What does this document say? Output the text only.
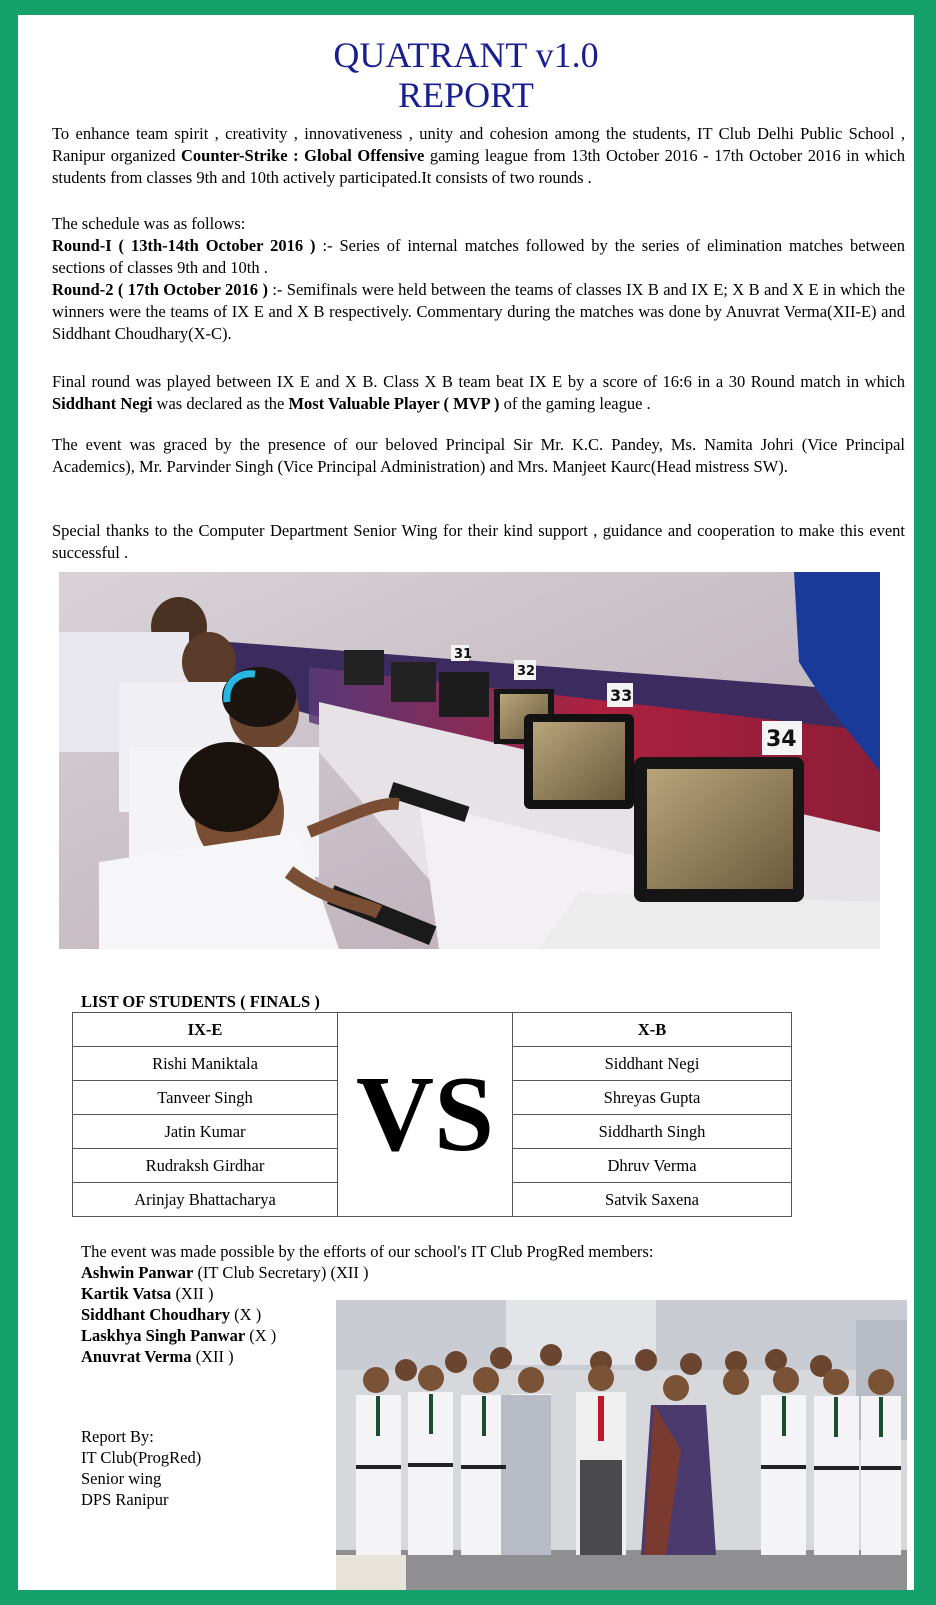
QUATRANT v1.0
REPORT
To enhance team spirit , creativity , innovativeness , unity and cohesion among the students, IT Club Delhi Public School , Ranipur organized Counter-Strike : Global Offensive gaming league from 13th October 2016 - 17th October 2016 in which students from classes 9th and 10th actively participated.It consists of two rounds .
The schedule was as follows:
Round-I ( 13th-14th October 2016 ) :- Series of internal matches followed by the series of elimination matches between sections of classes 9th and 10th .
Round-2 ( 17th October 2016 ) :- Semifinals were held between the teams of classes IX B and IX E; X B and X E in which the winners were the teams of IX E and X B respectively. Commentary during the matches was done by Anuvrat Verma(XII-E) and Siddhant Choudhary(X-C).
Final round was played between IX E and X B. Class X B team beat IX E by a score of 16:6 in a 30 Round match in which Siddhant Negi was declared as the Most Valuable Player ( MVP ) of the gaming league .
The event was graced by the presence of our beloved Principal Sir Mr. K.C. Pandey, Ms. Namita Johri (Vice Principal Academics), Mr. Parvinder Singh (Vice Principal Administration) and Mrs. Manjeet Kaurc(Head mistress SW).
Special thanks to the Computer Department Senior Wing for their kind support , guidance and cooperation to make this event successful .
31
32
33
34
LIST OF STUDENTS ( FINALS )
IX-E	VS	X-B
Rishi Maniktala		Siddhant Negi
Tanveer Singh		Shreyas Gupta
Jatin Kumar		Siddharth Singh
Rudraksh Girdhar		Dhruv Verma
Arinjay Bhattacharya		Satvik Saxena
The event was made possible by the efforts of our school's IT Club ProgRed members:
Ashwin Panwar (IT Club Secretary) (XII )
Kartik Vatsa (XII )
Siddhant Choudhary (X )
Laskhya Singh Panwar (X )
Anuvrat Verma (XII )
Report By:
IT Club(ProgRed)
Senior wing
DPS Ranipur
